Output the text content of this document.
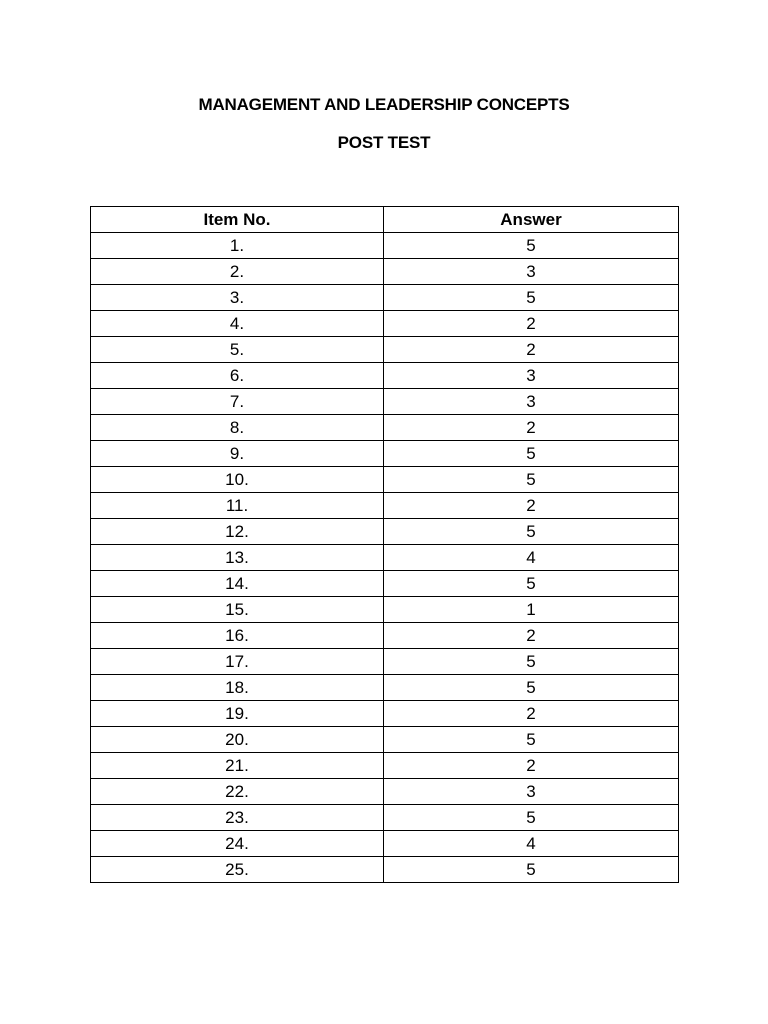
MANAGEMENT AND LEADERSHIP CONCEPTS
POST TEST
Item No.	Answer
1.	5
2.	3
3.	5
4.	2
5.	2
6.	3
7.	3
8.	2
9.	5
10.	5
11.	2
12.	5
13.	4
14.	5
15.	1
16.	2
17.	5
18.	5
19.	2
20.	5
21.	2
22.	3
23.	5
24.	4
25.	5
